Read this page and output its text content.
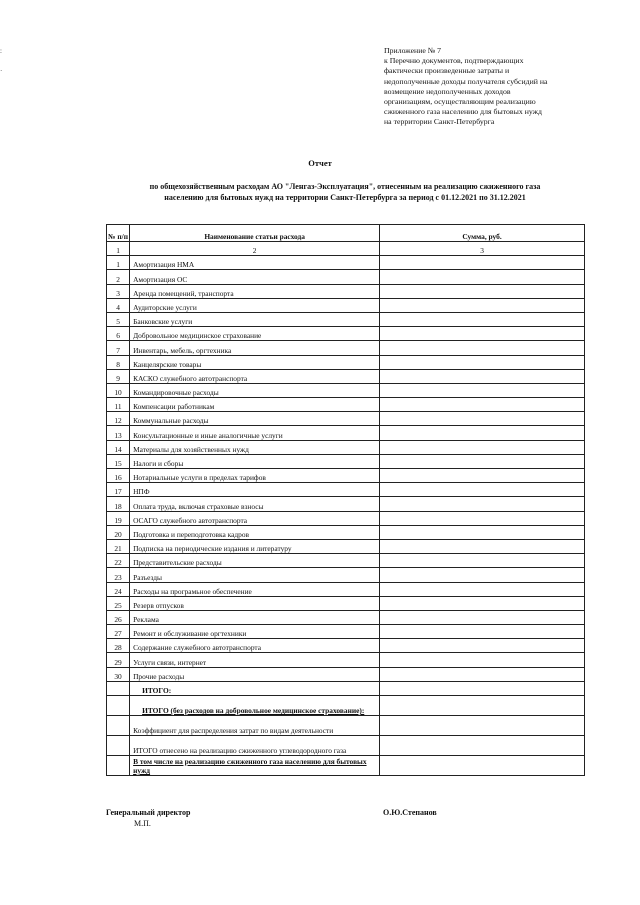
:

·
Приложение № 7
к Перечню документов, подтверждающих
фактически произведенные затраты и
недополученные доходы получателя субсидий на
возмещение недополученных доходов
организациям, осуществляющим реализацию
сжиженного газа населению для бытовых нужд
на территории Санкт-Петербурга
Отчет
по общехозяйственным расходам АО "Ленгаз-Эксплуатация", отнесенным на реализацию сжиженного газа
населению для бытовых нужд на территории Санкт-Петербурга за период с 01.12.2021 по 31.12.2021
№ п/п	Наименование статьи расхода	Сумма, руб.
1	2	3
1	Амортизация НМА	
2	Амортизация ОС	
3	Аренда помещений, транспорта	
4	Аудиторские услуги	
5	Банковские услуги	
6	Добровольное медицинское страхование	
7	Инвентарь, мебель, оргтехника	
8	Канцелярские товары	
9	КАСКО служебного автотранспорта	
10	Командировочные расходы	
11	Компенсации работникам	
12	Коммунальные расходы	
13	Консультационные и иные аналогичные услуги	
14	Материалы для хозяйственных нужд	
15	Налоги и сборы	
16	Нотариальные услуги в пределах тарифов	
17	НПФ	
18	Оплата труда, включая страховые взносы	
19	ОСАГО служебного автотранспорта	
20	Подготовка и переподготовка кадров	
21	Подписка на периодические издания и литературу	
22	Представительские расходы	
23	Разъезды	
24	Расходы на програмьное обеспечение	
25	Резерв отпусков	
26	Реклама	
27	Ремонт и обслуживание оргтехники	
28	Содержание служебного автотранспорта	
29	Услуги связи, интернет	
30	Прочие расходы	
	ИТОГО:	
	ИТОГО (без расходов на добровольное медицинское страхование):	
	Коэффициент для распределения затрат по видам деятельности	
	ИТОГО отнесено на реализацию сжиженного углеводородного газа	
	В том числе на реализацию сжиженного газа населению для бытовых нужд	
Генеральный директор
М.П.
О.Ю.Степанов
